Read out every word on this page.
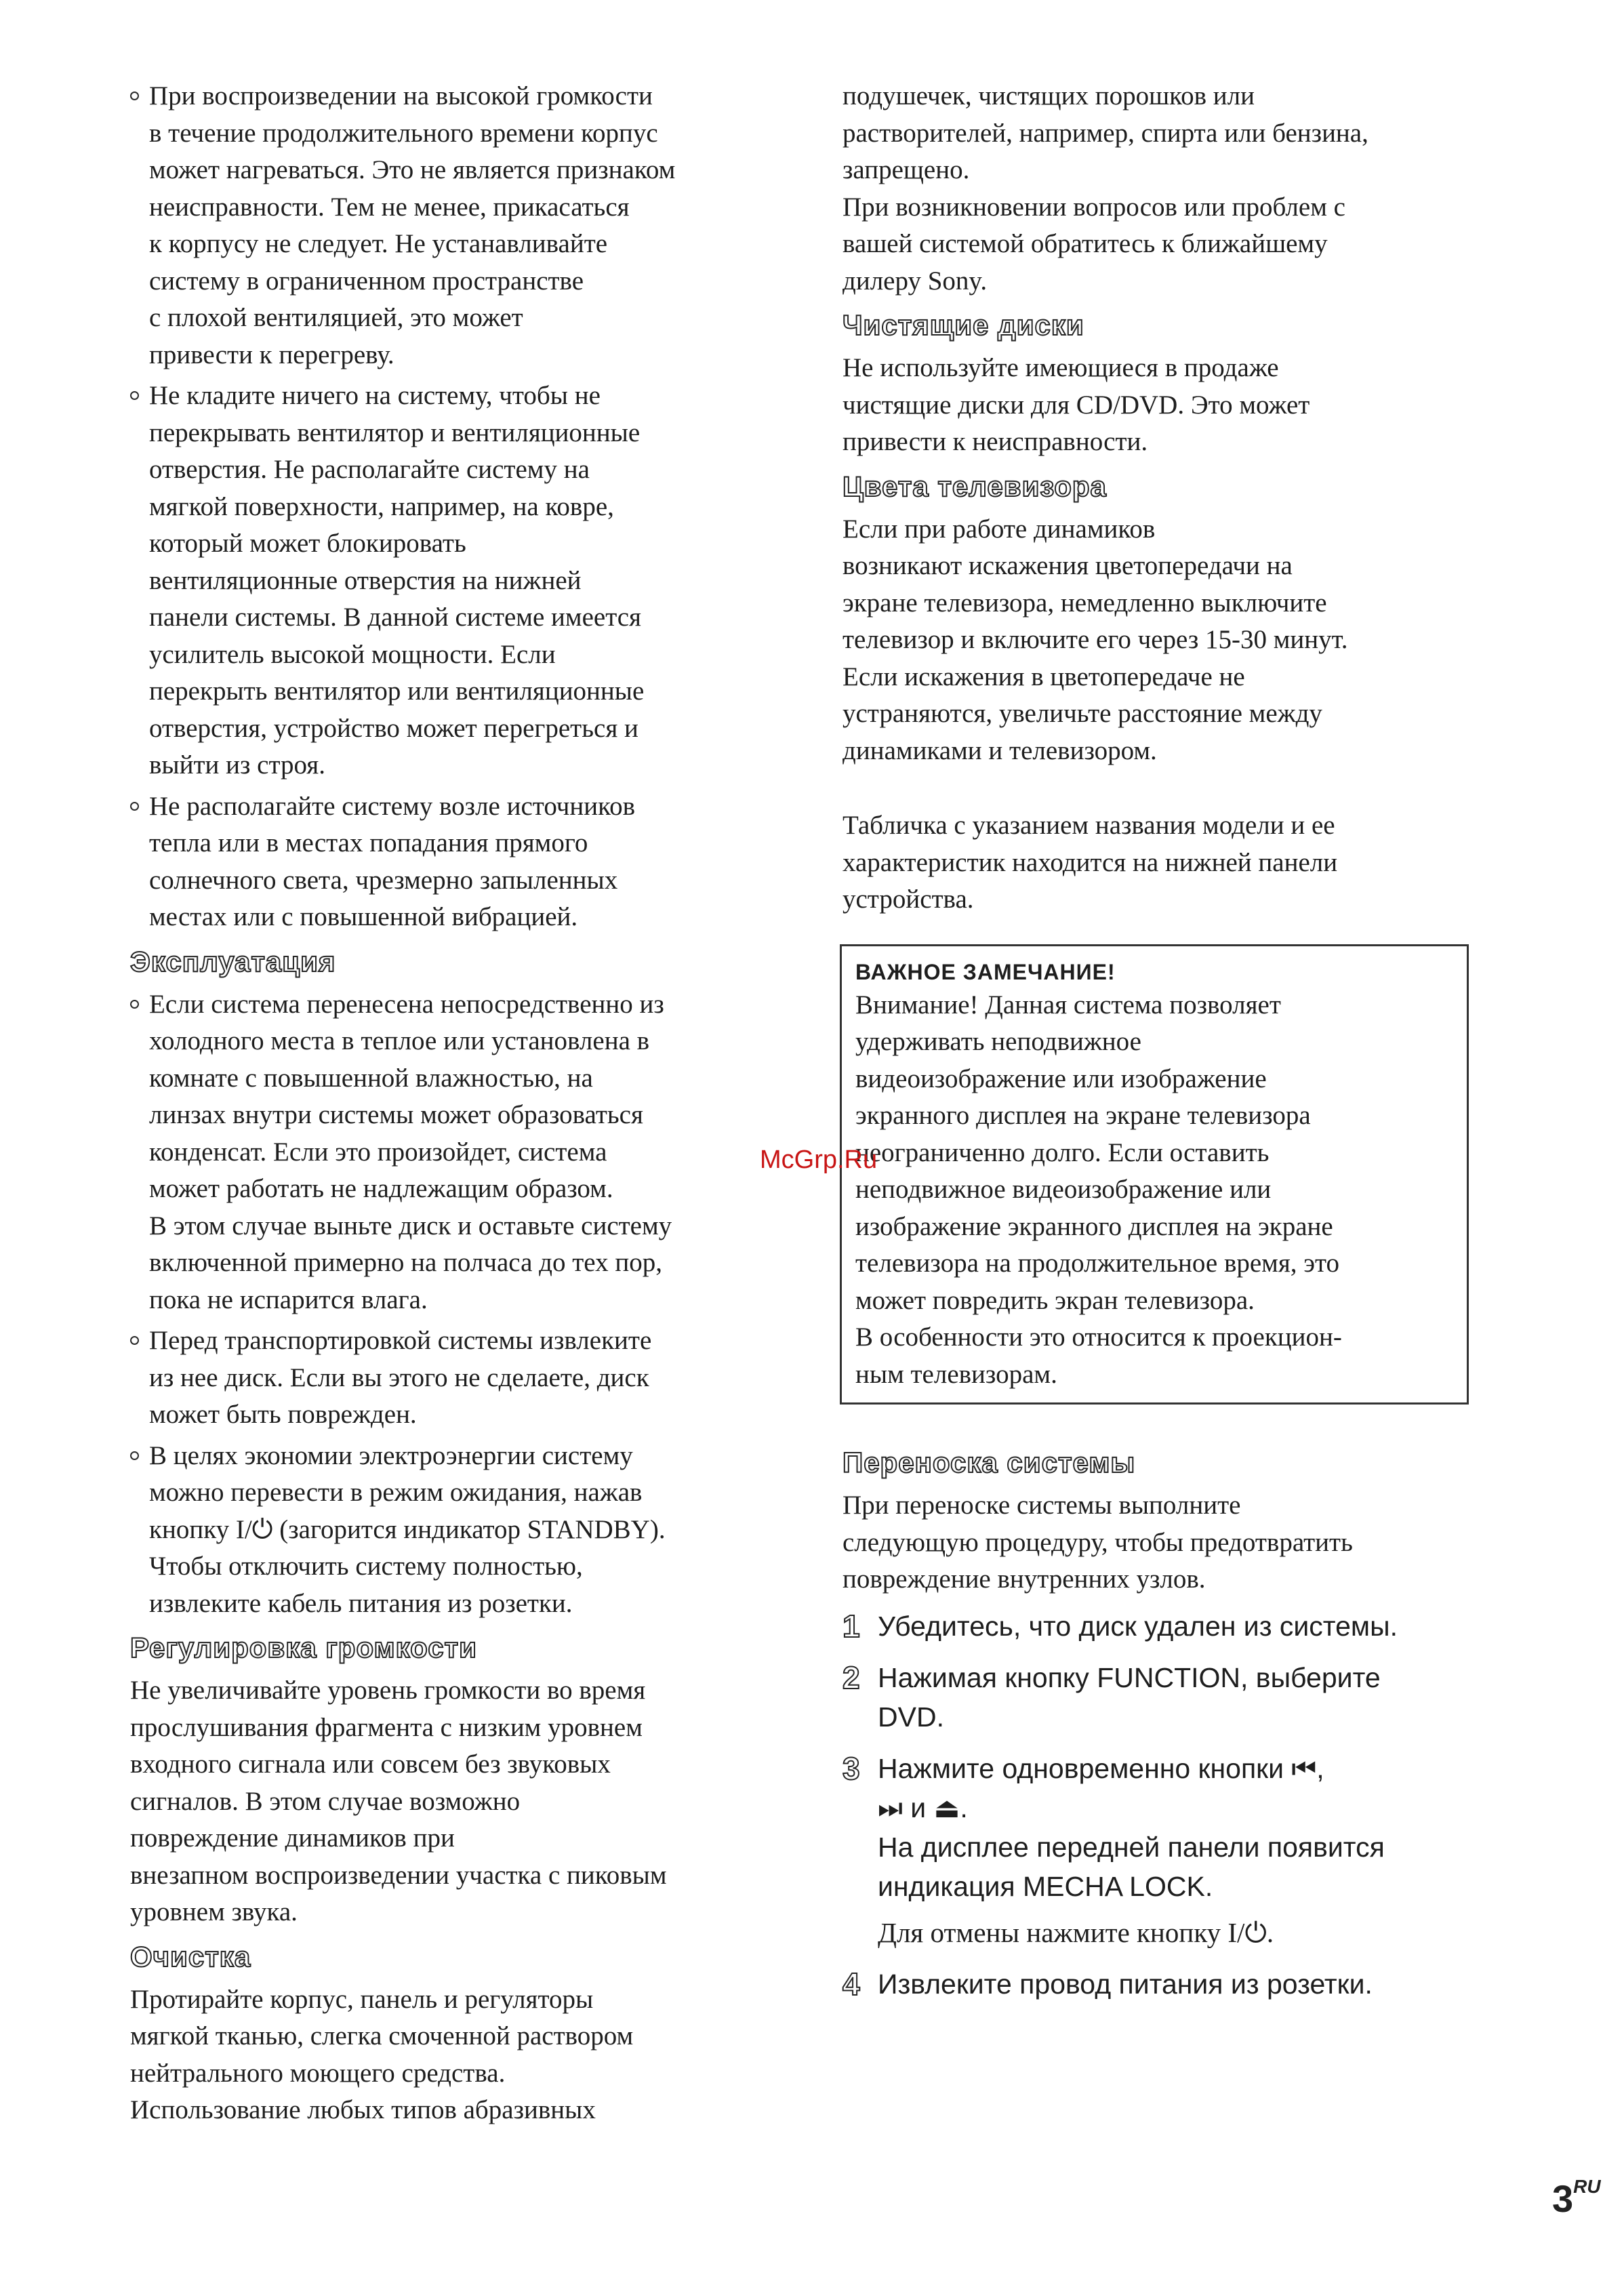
При воспроизведении на высокой громкости
в течение продолжительного времени корпус
может нагреваться. Это не является признаком
неисправности. Тем не менее, прикасаться
к корпусу не следует. Не устанавливайте
систему в ограниченном пространстве
с плохой вентиляцией, это может
привести к перегреву.
Не кладите ничего на систему, чтобы не
перекрывать вентилятор и вентиляционные
отверстия. Не располагайте систему на
мягкой поверхности, например, на ковре,
который может блокировать
вентиляционные отверстия на нижней
панели системы. В данной системе имеется
усилитель высокой мощности. Если
перекрыть вентилятор или вентиляционные
отверстия, устройство может перегреться и
выйти из строя.
Не располагайте систему возле источников
тепла или в местах попадания прямого
солнечного света, чрезмерно запыленных
местах или с повышенной вибрацией.
Эксплуатация
Если система перенесена непосредственно из
холодного места в теплое или установлена в
комнате с повышенной влажностью, на
линзах внутри системы может образоваться
конденсат. Если это произойдет, система
может работать не надлежащим образом.
В этом случае выньте диск и оставьте систему
включенной примерно на полчаса до тех пор,
пока не испарится влага.
Перед транспортировкой системы извлеките
из нее диск. Если вы этого не сделаете, диск
может быть поврежден.
В целях экономии электроэнергии систему
можно перевести в режим ожидания, нажав
кнопку I/⏻ (загорится индикатор STANDBY).
Чтобы отключить систему полностью,
извлеките кабель питания из розетки.
Регулировка громкости
Не увеличивайте уровень громкости во время
прослушивания фрагмента с низким уровнем
входного сигнала или совсем без звуковых
сигналов. В этом случае возможно
повреждение динамиков при
внезапном воспроизведении участка с пиковым
уровнем звука.
Очистка
Протирайте корпус, панель и регуляторы
мягкой тканью, слегка смоченной раствором
нейтрального моющего средства.
Использование любых типов абразивных
подушечек, чистящих порошков или
растворителей, например, спирта или бензина,
запрещено.
При возникновении вопросов или проблем с
вашей системой обратитесь к ближайшему
дилеру Sony.
Чистящие диски
Не используйте имеющиеся в продаже
чистящие диски для CD/DVD. Это может
привести к неисправности.
Цвета телевизора
Если при работе динамиков
возникают искажения цветопередачи на
экране телевизора, немедленно выключите
телевизор и включите его через 15-30 минут.
Если искажения в цветопередаче не
устраняются, увеличьте расстояние между
динамиками и телевизором.
Табличка с указанием названия модели и ее
характеристик находится на нижней панели
устройства.
ВАЖНОЕ ЗАМЕЧАНИЕ!
Внимание! Данная система позволяет
удерживать неподвижное
видеоизображение или изображение
экранного дисплея на экране телевизора
неограниченно долго. Если оставить
неподвижное видеоизображение или
изображение экранного дисплея на экране
телевизора на продолжительное время, это
может повредить экран телевизора.
В особенности это относится к проекцион-
ным телевизорам.
Переноска системы
При переноске системы выполните
следующую процедуру, чтобы предотвратить
повреждение внутренних узлов.
1 Убедитесь, что диск удален из системы.
2 Нажимая кнопку FUNCTION, выберите
DVD.
3 Нажмите одновременно кнопки ⏮,
⏭ и ⏏.
На дисплее передней панели появится
индикация MECHA LOCK.
Для отмены нажмите кнопку I/⏻.
4 Извлеките провод питания из розетки.
McGrp.Ru
$3^{RU}$
